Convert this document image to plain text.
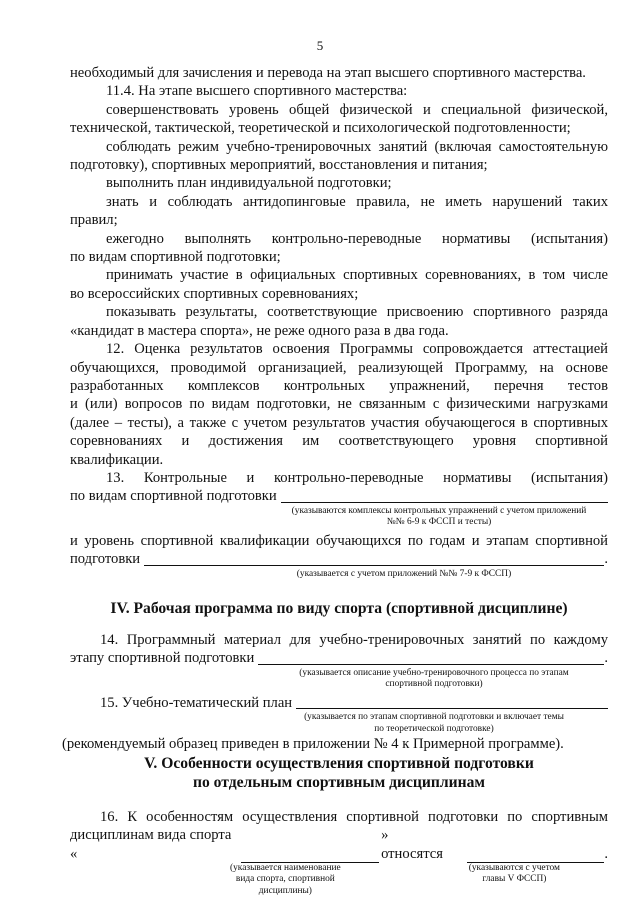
5

необходимый для зачисления и перевода на этап высшего спортивного мастерства.

11.4. На этапе высшего спортивного мастерства:

совершенствовать уровень общей физической и специальной физической,

технической, тактической, теоретической и психологической подготовленности;

соблюдать режим учебно-тренировочных занятий (включая самостоятельную

подготовку), спортивных мероприятий, восстановления и питания;

выполнить план индивидуальной подготовки;

знать и соблюдать антидопинговые правила, не иметь нарушений таких

правил;

ежегодно выполнять контрольно-переводные нормативы (испытания)

по видам спортивной подготовки;

принимать участие в официальных спортивных соревнованиях, в том числе

во всероссийских спортивных соревнованиях;

показывать результаты, соответствующие присвоению спортивного разряда

«кандидат в мастера спорта», не реже одного раза в два года.

12. Оценка результатов освоения Программы сопровождается аттестацией

обучающихся, проводимой организацией, реализующей Программу, на основе

разработанных комплексов контрольных упражнений, перечня тестов

и (или) вопросов по видам подготовки, не связанным с физическими нагрузками

(далее – тесты), а также с учетом результатов участия обучающегося в спортивных

соревнованиях и достижения им соответствующего уровня спортивной

квалификации.

13. Контрольные и контрольно-переводные нормативы (испытания)

по видам спортивной подготовки
(указываются комплексы контрольных упражнений с учетом приложений
№№ 6-9 к ФССП и тесты)

и уровень спортивной квалификации обучающихся по годам и этапам спортивной

подготовки	.
(указывается с учетом приложений №№ 7-9 к ФССП)
IV. Рабочая программа по виду спорта (спортивной дисциплине)

14. Программный материал для учебно-тренировочных занятий по каждому

этапу спортивной подготовки	.
(указывается описание учебно-тренировочного процесса по этапам
спортивной подготовки)
15. Учебно-тематический план
(указывается по этапам спортивной подготовки и включает темы
по теоретической подготовке)

(рекомендуемый образец приведен в приложении № 4 к Примерной программе).

V. Особенности осуществления спортивной подготовки
по отдельным спортивным дисциплинам

16. К особенностям осуществления спортивной подготовки по спортивным

дисциплинам вида спорта «
» относятся	.
(указывается наименование
вида спорта, спортивной
дисциплины)
(указываются с учетом
главы V ФССП)
